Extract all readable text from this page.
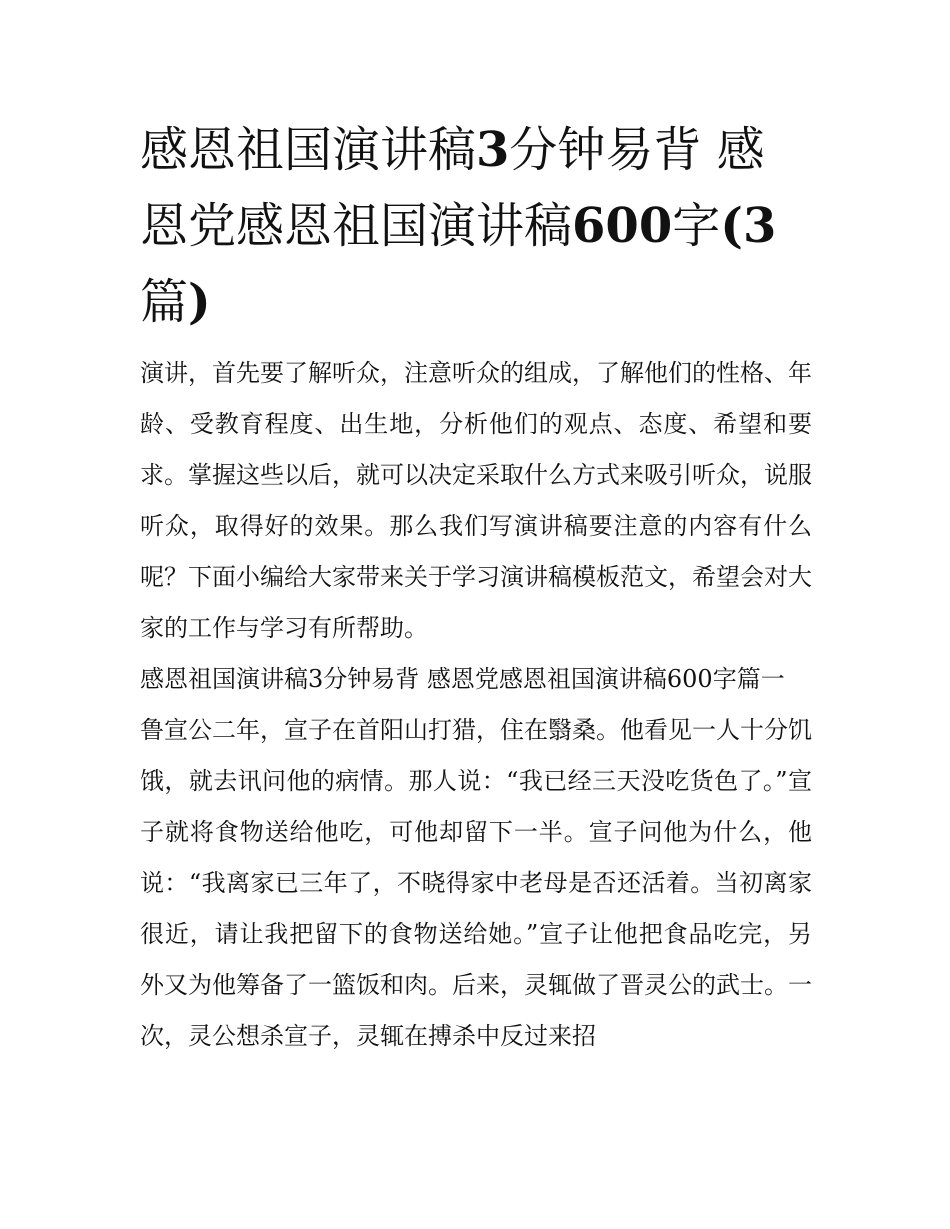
感恩祖国演讲稿3分钟易背 感恩党感恩祖国演讲稿600字(3篇)

演讲，首先要了解听众，注意听众的组成，了解他们的性格、年龄、受教育程度、出生地，分析他们的观点、态度、希望和要求。掌握这些以后，就可以决定采取什么方式来吸引听众，说服听众，取得好的效果。那么我们写演讲稿要注意的内容有什么呢？下面小编给大家带来关于学习演讲稿模板范文，希望会对大家的工作与学习有所帮助。

感恩祖国演讲稿3分钟易背 感恩党感恩祖国演讲稿600字篇一

鲁宣公二年，宣子在首阳山打猎，住在翳桑。他看见一人十分饥饿，就去讯问他的病情。那人说：“我已经三天没吃货色了。”宣子就将食物送给他吃，可他却留下一半。宣子问他为什么，他说：“我离家已三年了，不晓得家中老母是否还活着。当初离家很近，请让我把留下的食物送给她。”宣子让他把食品吃完，另外又为他筹备了一篮饭和肉。后来，灵辄做了晋灵公的武士。一次，灵公想杀宣子，灵辄在搏杀中反过来招
